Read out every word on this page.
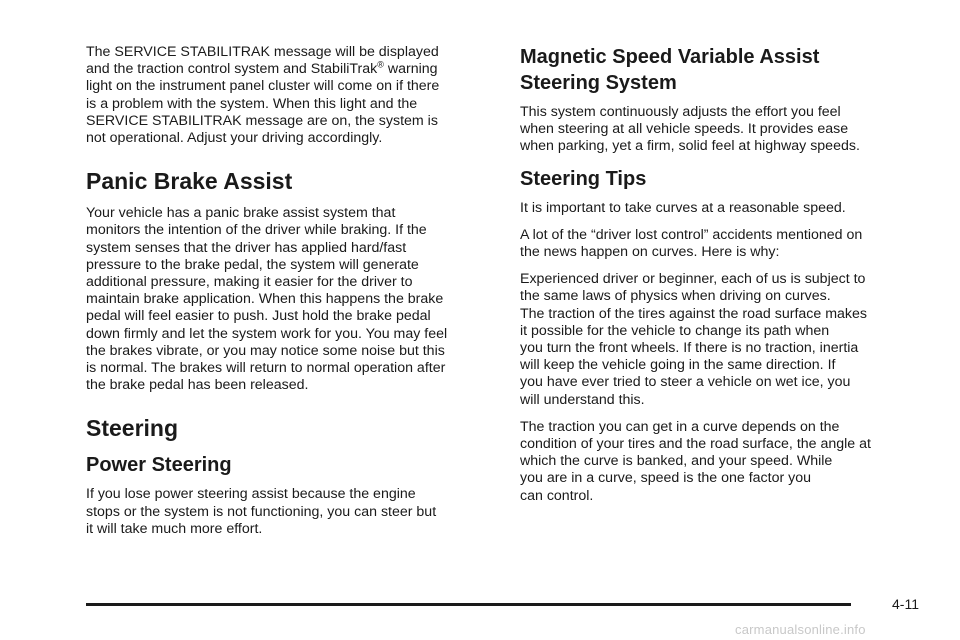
The SERVICE STABILITRAK message will be displayed
and the traction control system and StabiliTrak® warning
light on the instrument panel cluster will come on if there
is a problem with the system. When this light and the
SERVICE STABILITRAK message are on, the system is
not operational. Adjust your driving accordingly.

Panic Brake Assist

Your vehicle has a panic brake assist system that
monitors the intention of the driver while braking. If the
system senses that the driver has applied hard/fast
pressure to the brake pedal, the system will generate
additional pressure, making it easier for the driver to
maintain brake application. When this happens the brake
pedal will feel easier to push. Just hold the brake pedal
down firmly and let the system work for you. You may feel
the brakes vibrate, or you may notice some noise but this
is normal. The brakes will return to normal operation after
the brake pedal has been released.

Steering
Power Steering

If you lose power steering assist because the engine
stops or the system is not functioning, you can steer but
it will take much more effort.

Magnetic Speed Variable Assist
Steering System

This system continuously adjusts the effort you feel
when steering at all vehicle speeds. It provides ease
when parking, yet a firm, solid feel at highway speeds.

Steering Tips

It is important to take curves at a reasonable speed.

A lot of the “driver lost control” accidents mentioned on
the news happen on curves. Here is why:

Experienced driver or beginner, each of us is subject to
the same laws of physics when driving on curves.
The traction of the tires against the road surface makes
it possible for the vehicle to change its path when
you turn the front wheels. If there is no traction, inertia
will keep the vehicle going in the same direction. If
you have ever tried to steer a vehicle on wet ice, you
will understand this.

The traction you can get in a curve depends on the
condition of your tires and the road surface, the angle at
which the curve is banked, and your speed. While
you are in a curve, speed is the one factor you
can control.

4-11
carmanualsonline.info
